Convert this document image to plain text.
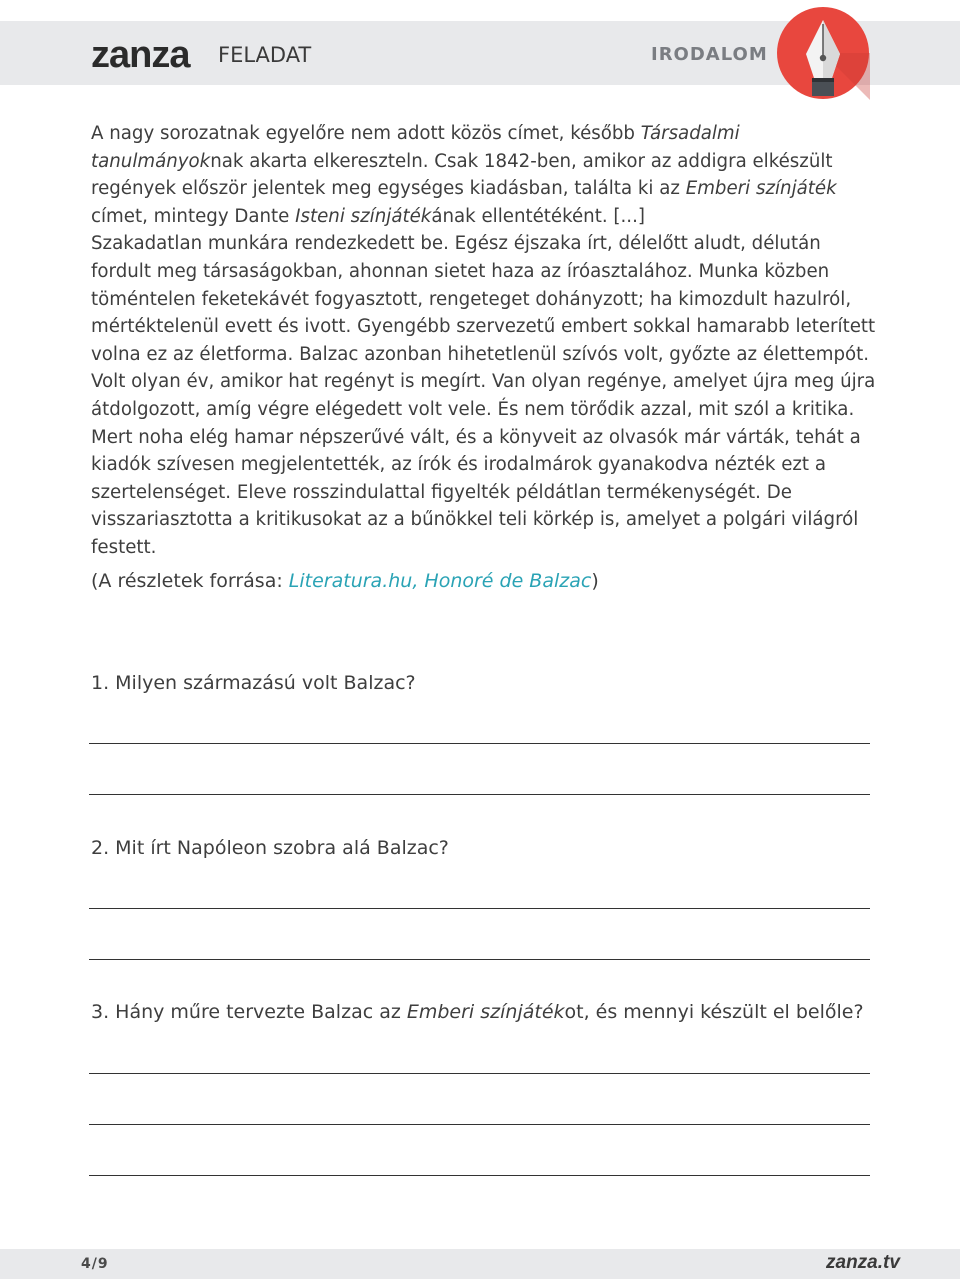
zanza FELADAT	IRODALOM

A nagy sorozatnak egyelőre nem adott közös címet, később Társadalmi tanulmányoknak akarta elkereszteln. Csak 1842-ben, amikor az addigra elkészült regények először jelentek meg egységes kiadásban, találta ki az Emberi színjáték címet, mintegy Dante Isteni színjátékának ellentétéként. [...]

Szakadatlan munkára rendezkedett be. Egész éjszaka írt, délelőtt aludt, délután fordult meg társaságokban, ahonnan sietet haza az íróasztalához. Munka közben töméntelen feketekávét fogyasztott, rengeteget dohányzott; ha kimozdult hazulról, mértéktelenül evett és ivott. Gyengébb szervezetű embert sokkal hamarabb leterített volna ez az életforma. Balzac azonban hihetetlenül szívós volt, győzte az élettempót. Volt olyan év, amikor hat regényt is megírt. Van olyan regénye, amelyet újra meg újra átdolgozott, amíg végre elégedett volt vele. És nem törődik azzal, mit szól a kritika. Mert noha elég hamar népszerűvé vált, és a könyveit az olvasók már várták, tehát a kiadók szívesen megjelentették, az írók és irodalmárok gyanakodva nézték ezt a szertelenséget. Eleve rosszindulattal figyelték példátlan termékenységét. De visszariasztotta a kritikusokat az a bűnökkel teli körkép is, amelyet a polgári világról festett.

(A részletek forrása: Literatura.hu, Honoré de Balzac)

1. Milyen származású volt Balzac?
2. Mit írt Napóleon szobra alá Balzac?
3. Hány műre tervezte Balzac az Emberi színjátékot, és mennyi készült el belőle?
4/9	zanza.tv
